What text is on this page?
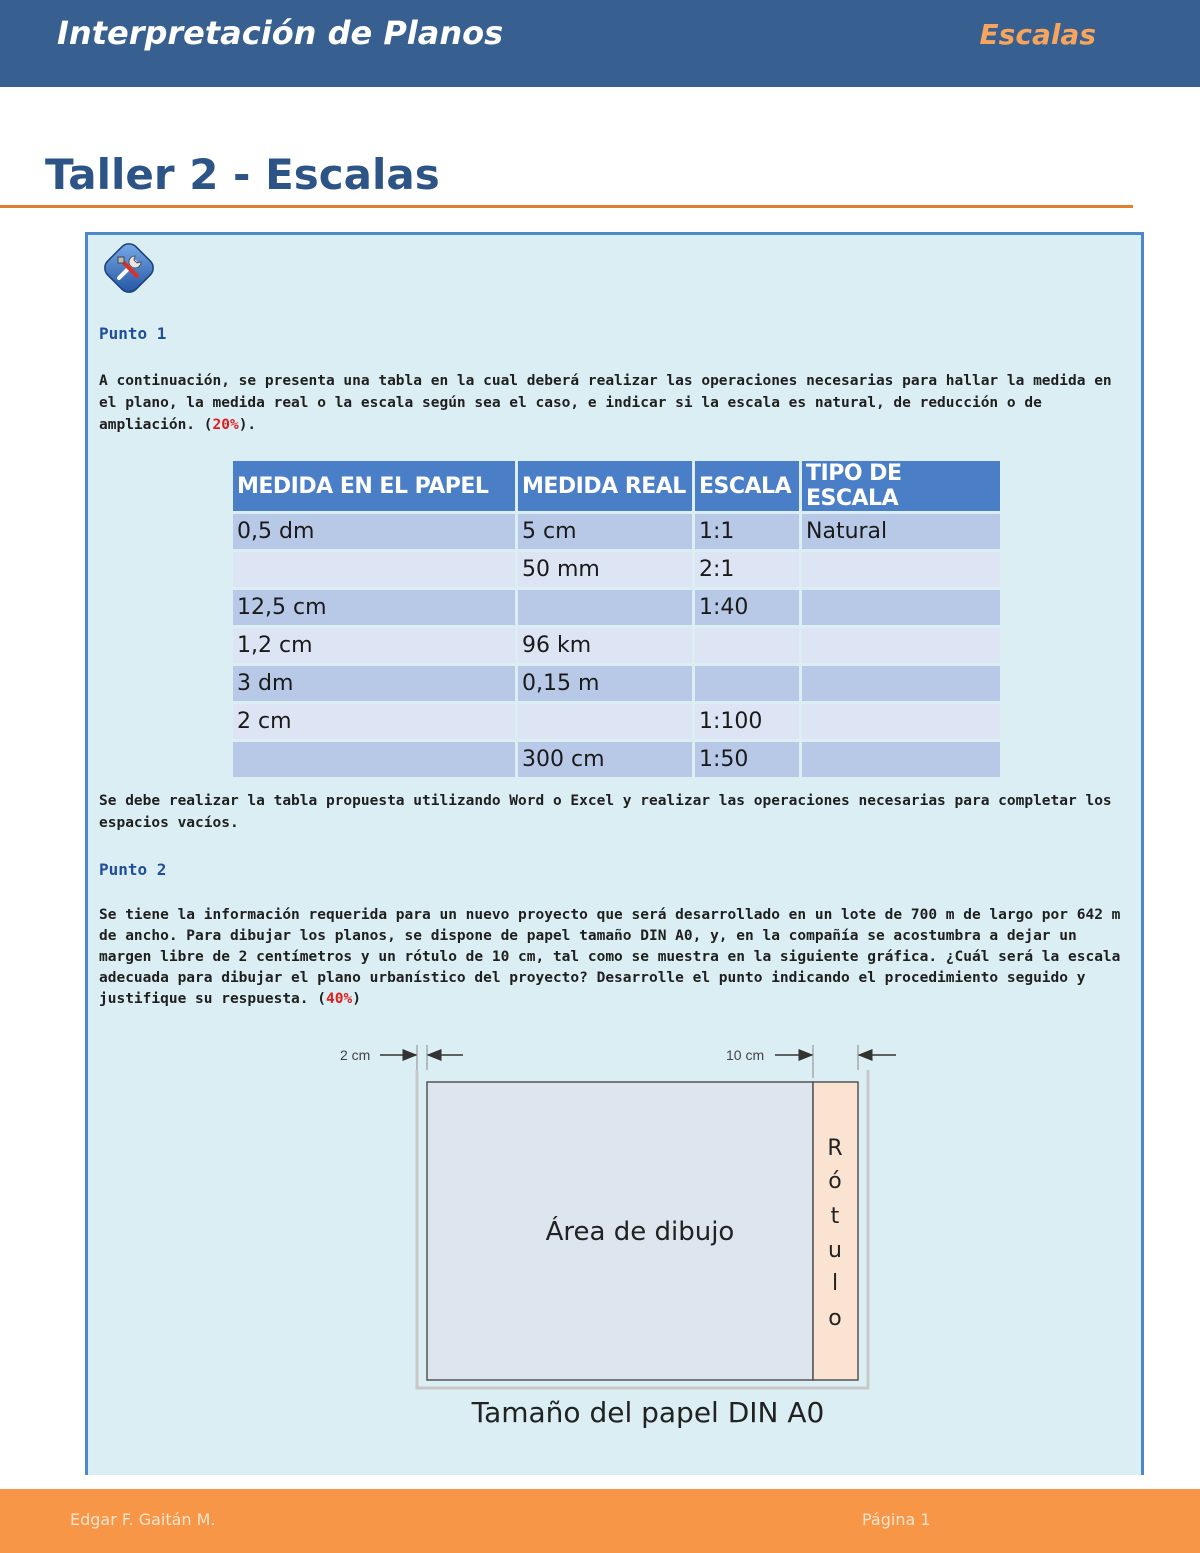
Interpretación de Planos	Escalas
Taller 2 - Escalas
Punto 1

A continuación, se presenta una tabla en la cual deberá realizar las operaciones necesarias para hallar la medida en el plano, la medida real o la escala según sea el caso, e indicar si la escala es natural, de reducción o de ampliación. (20%).

MEDIDA EN EL PAPEL	MEDIDA REAL	ESCALA	TIPO DE ESCALA
0,5 dm	5 cm	1:1	Natural
	50 mm	2:1	
12,5 cm		1:40	
1,2 cm	96 km		
3 dm	0,15 m		
2 cm		1:100	
	300 cm	1:50	

Se debe realizar la tabla propuesta utilizando Word o Excel y realizar las operaciones necesarias para completar los espacios vacíos.

Punto 2

Se tiene la información requerida para un nuevo proyecto que será desarrollado en un lote de 700 m de largo por 642 m de ancho. Para dibujar los planos, se dispone de papel tamaño DIN A0, y, en la compañía se acostumbra a dejar un margen libre de 2 centímetros y un rótulo de 10 cm, tal como se muestra en la siguiente gráfica. ¿Cuál será la escala adecuada para dibujar el plano urbanístico del proyecto? Desarrolle el punto indicando el procedimiento seguido y justifique su respuesta. (40%)

2 cm	10 cm
Área de dibujo
R
ó
t
u
l
o
Tamaño del papel DIN A0
Edgar F. Gaitán M.	Página 1
